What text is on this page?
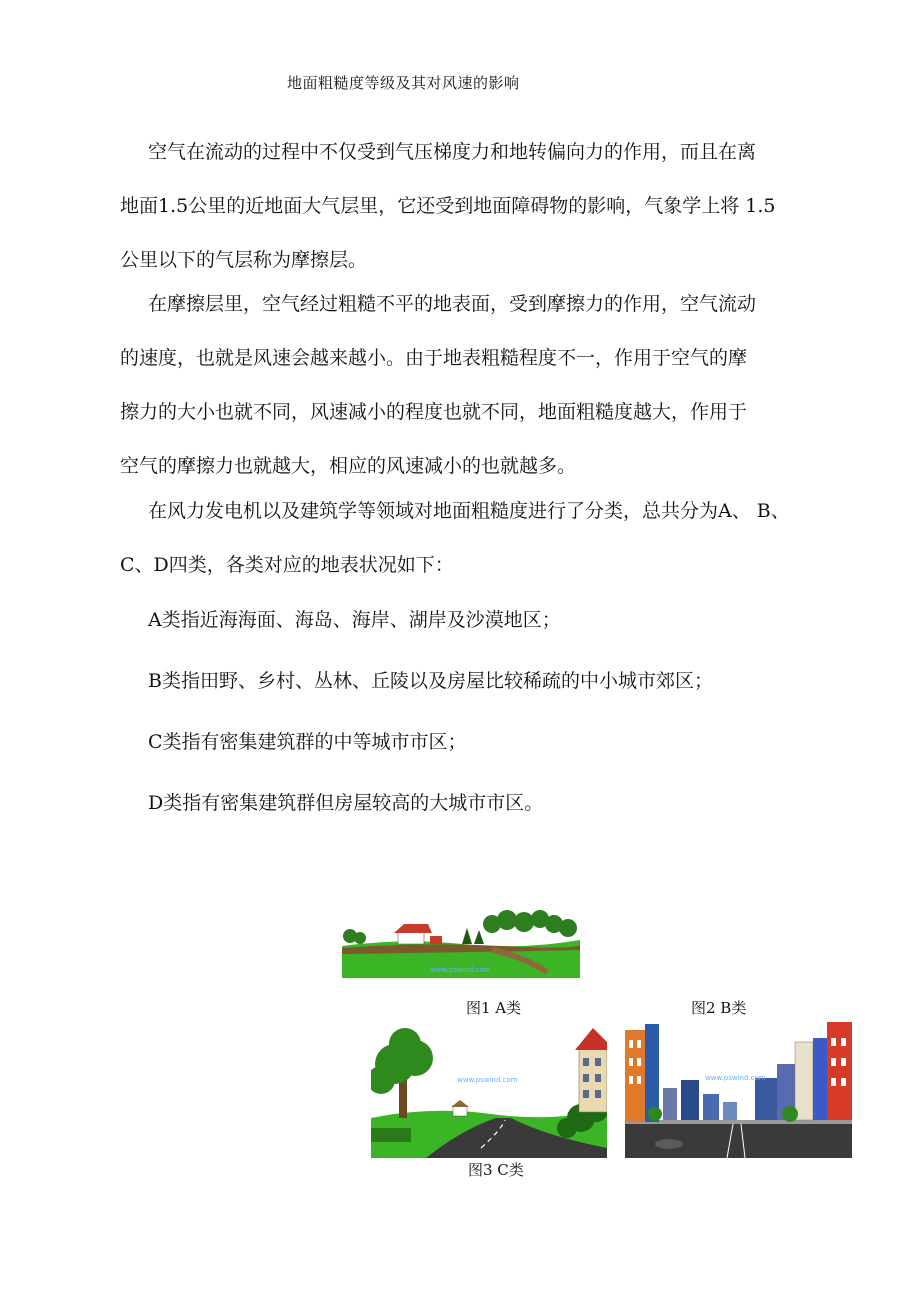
地面粗糙度等级及其对风速的影响
空气在流动的过程中不仅受到气压梯度力和地转偏向力的作用，而且在离
地面1.5公里的近地面大气层里，它还受到地面障碍物的影响，气象学上将 1.5
公里以下的气层称为摩擦层。
在摩擦层里，空气经过粗糙不平的地表面，受到摩擦力的作用，空气流动
的速度，也就是风速会越来越小。由于地表粗糙程度不一，作用于空气的摩
擦力的大小也就不同，风速减小的程度也就不同，地面粗糙度越大，作用于
空气的摩擦力也就越大，相应的风速减小的也就越多。
在风力发电机以及建筑学等领域对地面粗糙度进行了分类，总共分为A、 B、
C、D四类，各类对应的地表状况如下：
A类指近海海面、海岛、海岸、湖岸及沙漠地区；
B类指田野、乡村、丛林、丘陵以及房屋比较稀疏的中小城市郊区；
C类指有密集建筑群的中等城市市区；
D类指有密集建筑群但房屋较高的大城市市区。
www.pswind.com
图1 A类	图2 B类
www.pswind.com	www.pswind.com
图3 C类
